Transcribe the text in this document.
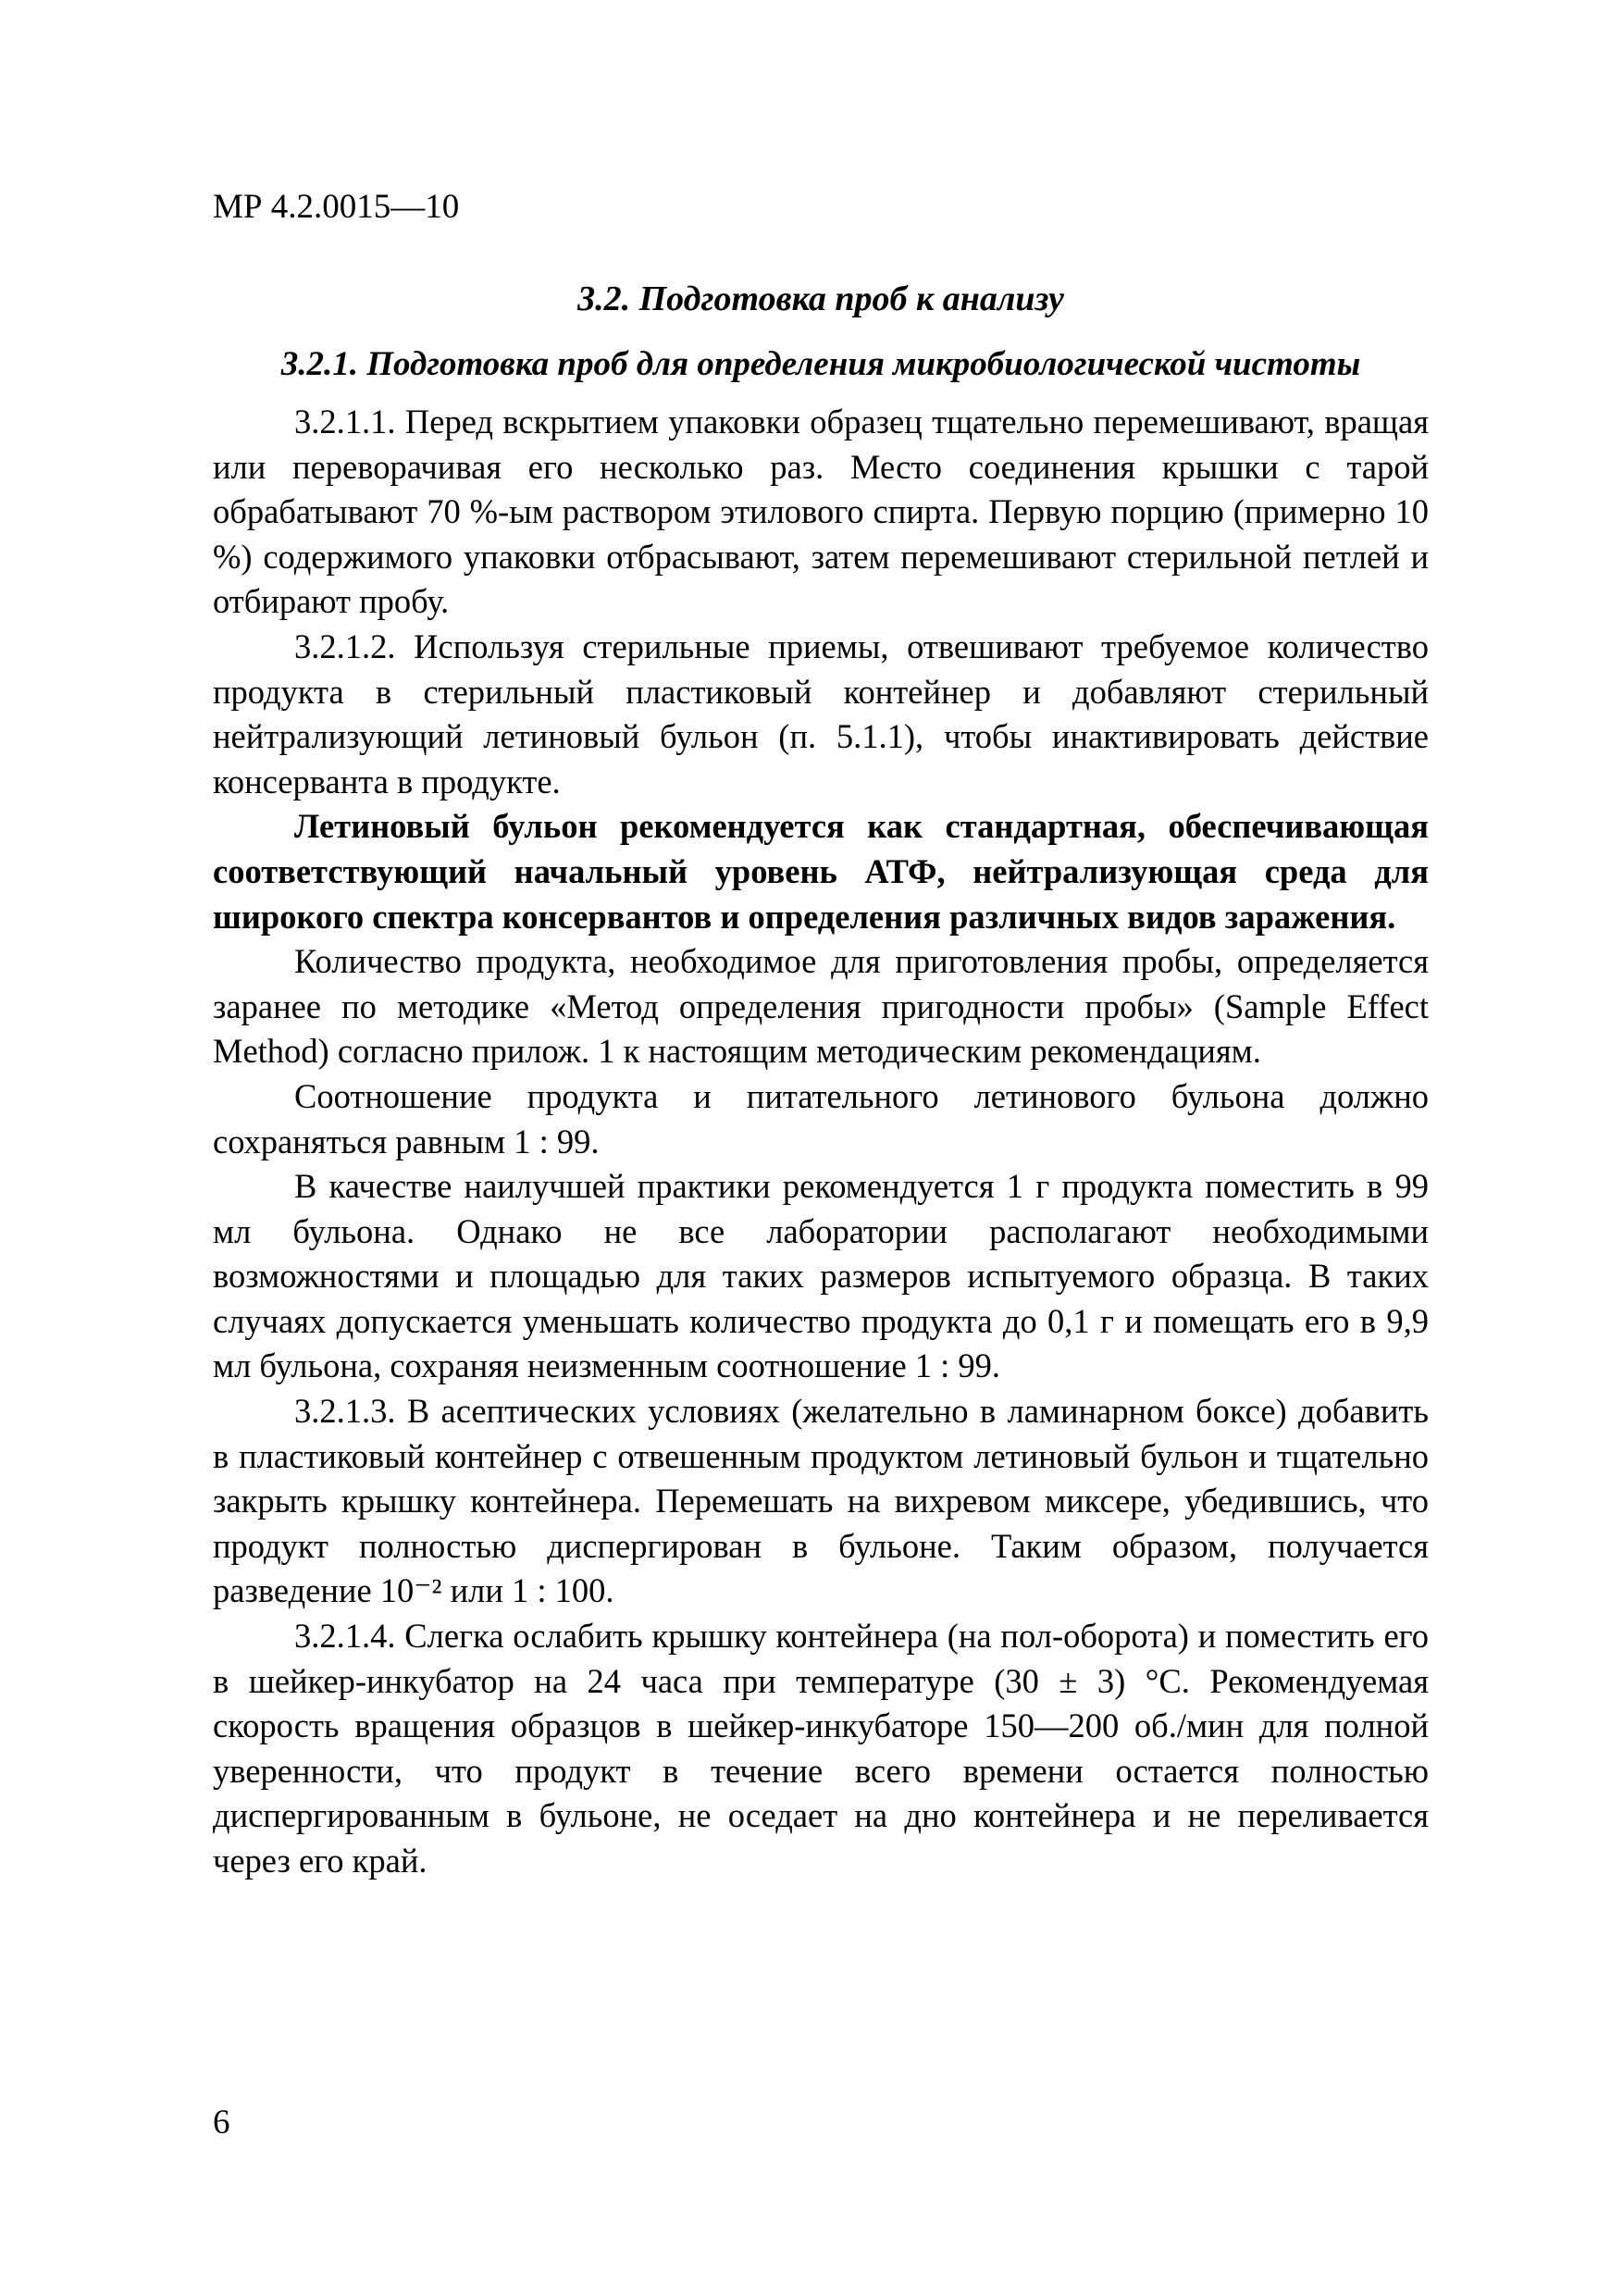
МР 4.2.0015—10

3.2. Подготовка проб к анализу
3.2.1. Подготовка проб для определения микробиологической чистоты

3.2.1.1. Перед вскрытием упаковки образец тщательно перемешивают, вращая или переворачивая его несколько раз. Место соединения крышки с тарой обрабатывают 70 %-ым раствором этилового спирта. Первую порцию (примерно 10 %) содержимого упаковки отбрасывают, затем перемешивают стерильной петлей и отбирают пробу.

3.2.1.2. Используя стерильные приемы, отвешивают требуемое количество продукта в стерильный пластиковый контейнер и добавляют стерильный нейтрализующий летиновый бульон (п. 5.1.1), чтобы инактивировать действие консерванта в продукте.

Летиновый бульон рекомендуется как стандартная, обеспечивающая соответствующий начальный уровень АТФ, нейтрализующая среда для широкого спектра консервантов и определения различных видов заражения.

Количество продукта, необходимое для приготовления пробы, определяется заранее по методике «Метод определения пригодности пробы» (Sample Effect Method) согласно прилож. 1 к настоящим методическим рекомендациям.

Соотношение продукта и питательного летинового бульона должно сохраняться равным 1 : 99.

В качестве наилучшей практики рекомендуется 1 г продукта поместить в 99 мл бульона. Однако не все лаборатории располагают необходимыми возможностями и площадью для таких размеров испытуемого образца. В таких случаях допускается уменьшать количество продукта до 0,1 г и помещать его в 9,9 мл бульона, сохраняя неизменным соотношение 1 : 99.

3.2.1.3. В асептических условиях (желательно в ламинарном боксе) добавить в пластиковый контейнер с отвешенным продуктом летиновый бульон и тщательно закрыть крышку контейнера. Перемешать на вихревом миксере, убедившись, что продукт полностью диспергирован в бульоне. Таким образом, получается разведение 10⁻² или 1 : 100.

3.2.1.4. Слегка ослабить крышку контейнера (на пол-оборота) и поместить его в шейкер-инкубатор на 24 часа при температуре (30 ± 3) °С. Рекомендуемая скорость вращения образцов в шейкер-инкубаторе 150—200 об./мин для полной уверенности, что продукт в течение всего времени остается полностью диспергированным в бульоне, не оседает на дно контейнера и не переливается через его край.

6
